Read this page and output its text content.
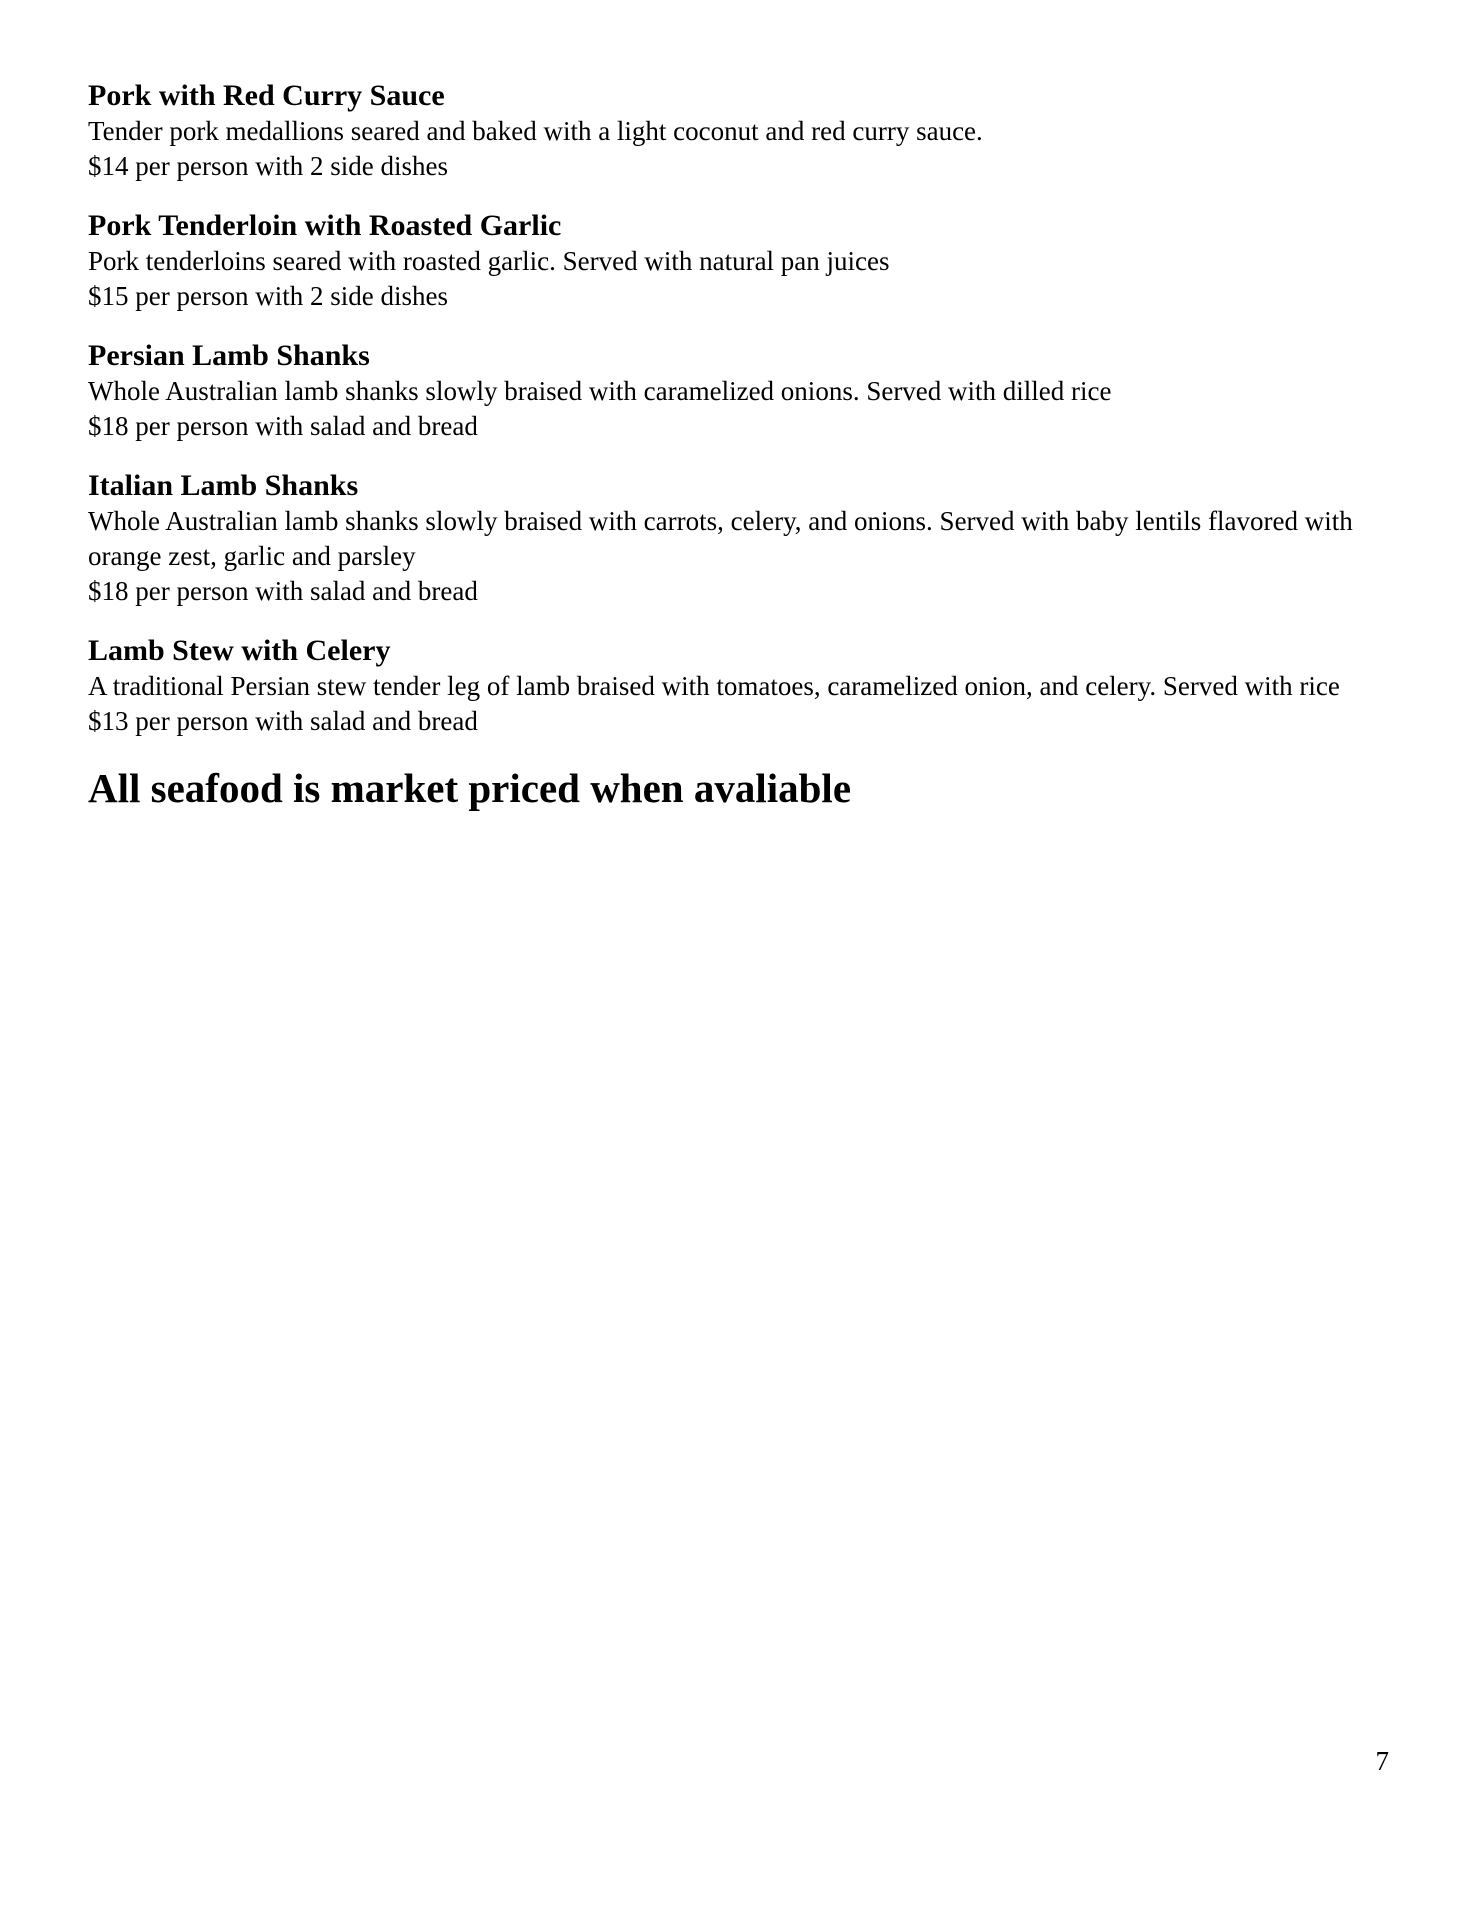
Pork with Red Curry Sauce

Tender pork medallions seared and baked with a light coconut and red curry sauce.

$14 per person with 2 side dishes

Pork Tenderloin with Roasted Garlic

Pork tenderloins seared with roasted garlic. Served with natural pan juices

$15 per person with 2 side dishes

Persian Lamb Shanks

Whole Australian lamb shanks slowly braised with caramelized onions. Served with dilled rice

$18 per person with salad and bread

Italian Lamb Shanks

Whole Australian lamb shanks slowly braised with carrots, celery, and onions. Served with baby lentils flavored with orange zest, garlic and parsley

$18 per person with salad and bread

Lamb Stew with Celery

A traditional Persian stew tender leg of lamb braised with tomatoes, caramelized onion, and celery. Served with rice

$13 per person with salad and bread

All seafood is market priced when avaliable

7
